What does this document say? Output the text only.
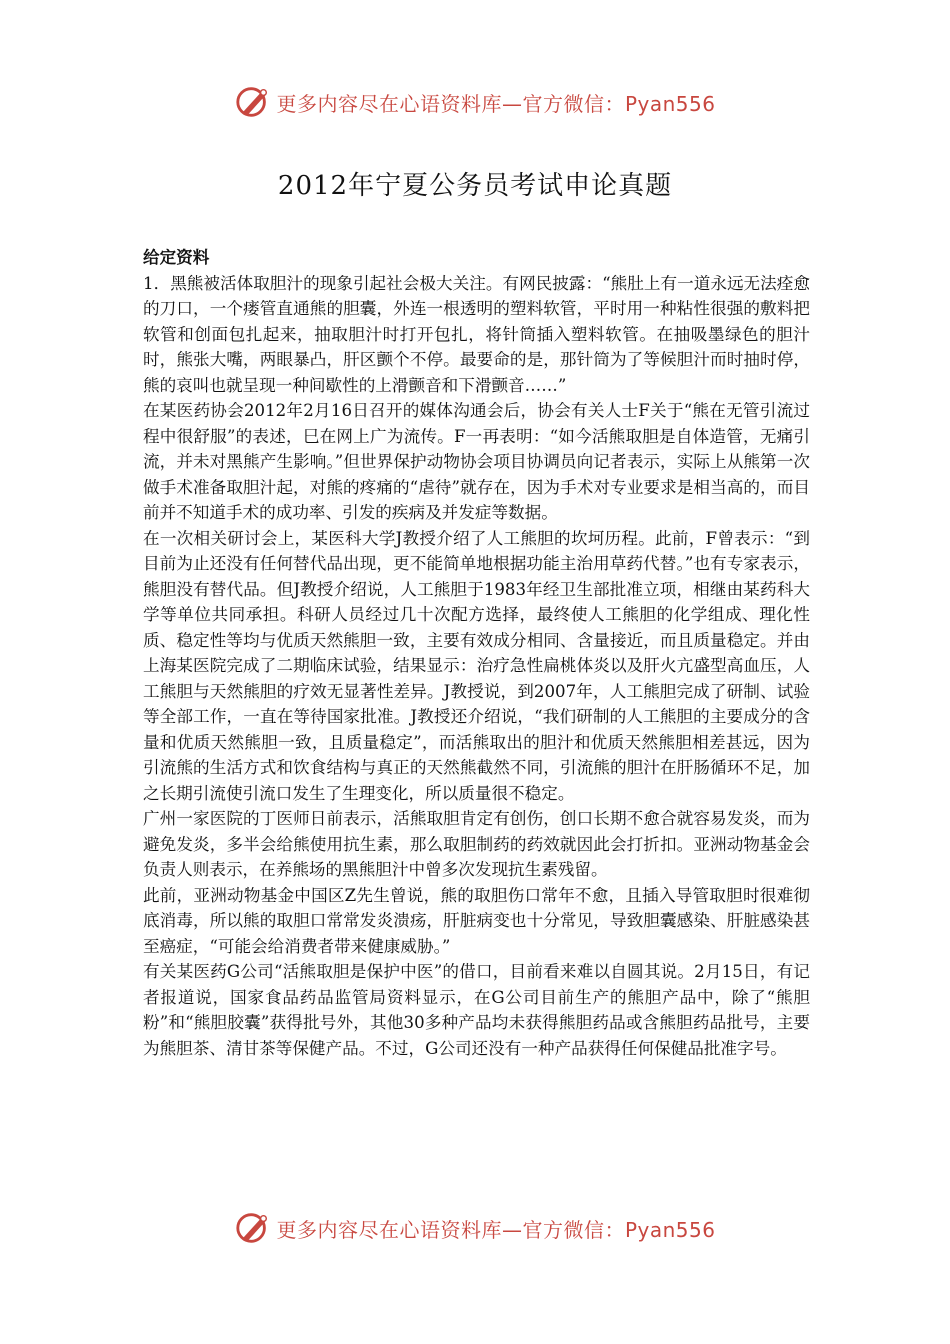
更多内容尽在心语资料库—官方微信：Pyan556
2012年宁夏公务员考试申论真题

给定资料

1．黑熊被活体取胆汁的现象引起社会极大关注。有网民披露：“熊肚上有一道永远无法痊愈的刀口，一个瘘管直通熊的胆囊，外连一根透明的塑料软管，平时用一种粘性很强的敷料把软管和创面包扎起来，抽取胆汁时打开包扎，将针筒插入塑料软管。在抽吸墨绿色的胆汁时，熊张大嘴，两眼暴凸，肝区颤个不停。最要命的是，那针筒为了等候胆汁而时抽时停，熊的哀叫也就呈现一种间歇性的上滑颤音和下滑颤音……”

在某医药协会2012年2月16日召开的媒体沟通会后，协会有关人士F关于“熊在无管引流过程中很舒服”的表述，巳在网上广为流传。F一再表明：“如今活熊取胆是自体造管，无痛引流，并未对黑熊产生影响。”但世界保护动物协会项目协调员向记者表示，实际上从熊第一次做手术准备取胆汁起，对熊的疼痛的“虐待”就存在，因为手术对专业要求是相当高的，而目前并不知道手术的成功率、引发的疾病及并发症等数据。

在一次相关研讨会上，某医科大学J教授介绍了人工熊胆的坎坷历程。此前，F曾表示：“到目前为止还没有任何替代品出现，更不能简单地根据功能主治用草药代替。”也有专家表示，熊胆没有替代品。但J教授介绍说，人工熊胆于1983年经卫生部批准立项，相继由某药科大学等单位共同承担。科研人员经过几十次配方选择，最终使人工熊胆的化学组成、理化性质、稳定性等均与优质天然熊胆一致，主要有效成分相同、含量接近，而且质量稳定。并由上海某医院完成了二期临床试验，结果显示：治疗急性扁桃体炎以及肝火亢盛型高血压，人工熊胆与天然熊胆的疗效无显著性差异。J教授说，到2007年，人工熊胆完成了研制、试验等全部工作，一直在等待国家批准。J教授还介绍说，“我们研制的人工熊胆的主要成分的含量和优质天然熊胆一致，且质量稳定”，而活熊取出的胆汁和优质天然熊胆相差甚远，因为引流熊的生活方式和饮食结构与真正的天然熊截然不同，引流熊的胆汁在肝肠循环不足，加之长期引流使引流口发生了生理变化，所以质量很不稳定。

广州一家医院的丁医师日前表示，活熊取胆肯定有创伤，创口长期不愈合就容易发炎，而为避免发炎，多半会给熊使用抗生素，那么取胆制药的药效就因此会打折扣。亚洲动物基金会负责人则表示，在养熊场的黑熊胆汁中曾多次发现抗生素残留。

此前，亚洲动物基金中国区Z先生曾说，熊的取胆伤口常年不愈，且插入导管取胆时很难彻底消毒，所以熊的取胆口常常发炎溃疡，肝脏病变也十分常见，导致胆囊感染、肝脏感染甚至癌症，“可能会给消费者带来健康威胁。”

有关某医药G公司“活熊取胆是保护中医”的借口，目前看来难以自圆其说。2月15日，有记者报道说，国家食品药品监管局资料显示，在G公司目前生产的熊胆产品中，除了“熊胆粉”和“熊胆胶囊”获得批号外，其他30多种产品均未获得熊胆药品或含熊胆药品批号，主要为熊胆茶、清甘茶等保健产品。不过，G公司还没有一种产品获得任何保健品批准字号。

更多内容尽在心语资料库—官方微信：Pyan556
